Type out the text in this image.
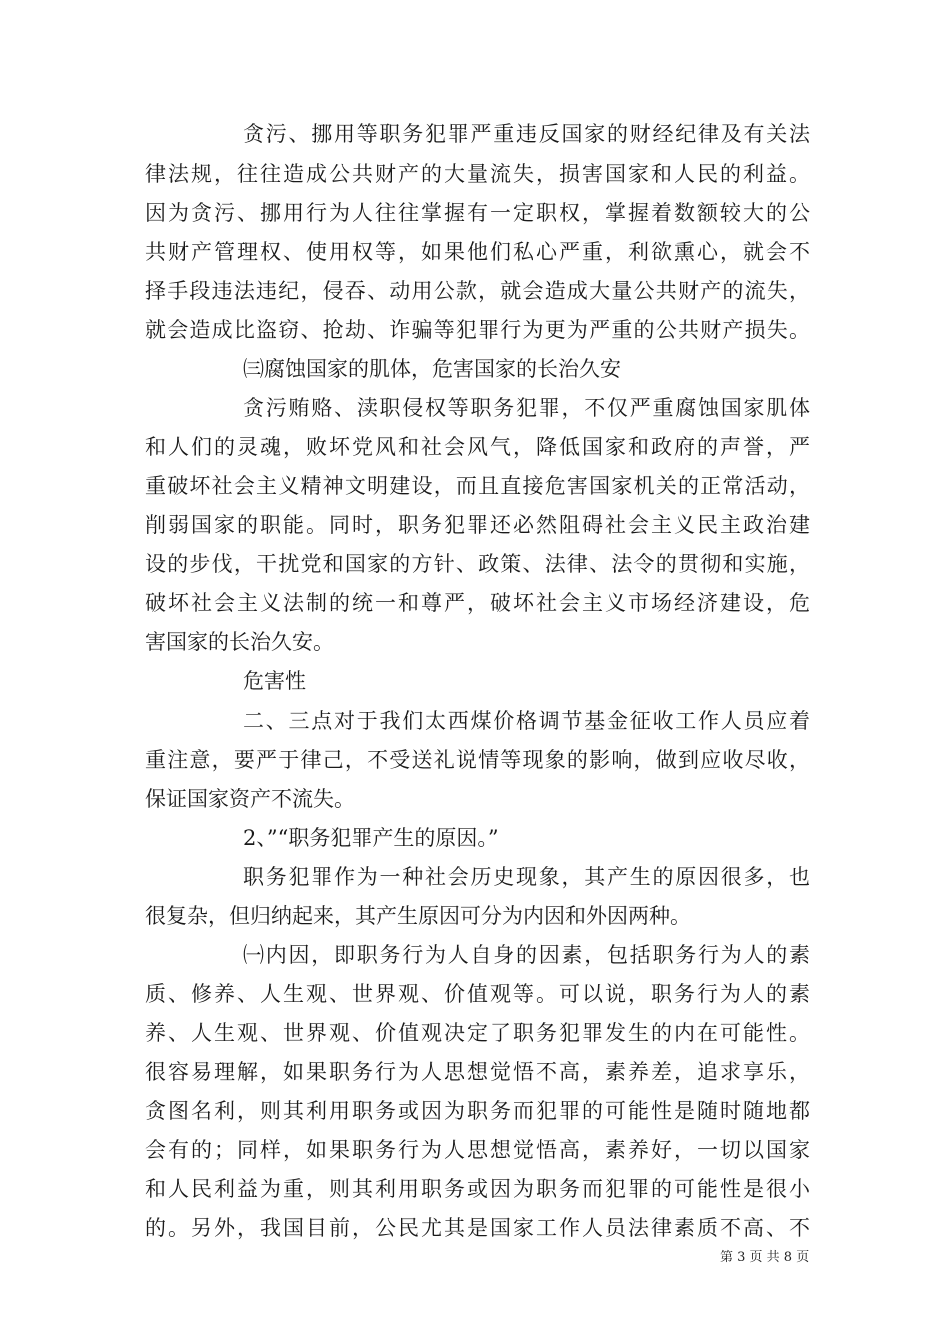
贪污、挪用等职务犯罪严重违反国家的财经纪律及有关法
律法规，往往造成公共财产的大量流失，损害国家和人民的利益。
因为贪污、挪用行为人往往掌握有一定职权，掌握着数额较大的公
共财产管理权、使用权等，如果他们私心严重，利欲熏心，就会不
择手段违法违纪，侵吞、动用公款，就会造成大量公共财产的流失，
就会造成比盗窃、抢劫、诈骗等犯罪行为更为严重的公共财产损失。
㈢腐蚀国家的肌体，危害国家的长治久安
贪污贿赂、渎职侵权等职务犯罪，不仅严重腐蚀国家肌体
和人们的灵魂，败坏党风和社会风气，降低国家和政府的声誉，严
重破坏社会主义精神文明建设，而且直接危害国家机关的正常活动，
削弱国家的职能。同时，职务犯罪还必然阻碍社会主义民主政治建
设的步伐，干扰党和国家的方针、政策、法律、法令的贯彻和实施，
破坏社会主义法制的统一和尊严，破坏社会主义市场经济建设，危
害国家的长治久安。
危害性
二、三点对于我们太西煤价格调节基金征收工作人员应着
重注意，要严于律己，不受送礼说情等现象的影响，做到应收尽收，
保证国家资产不流失。
2、”“职务犯罪产生的原因。”
职务犯罪作为一种社会历史现象，其产生的原因很多，也
很复杂，但归纳起来，其产生原因可分为内因和外因两种。
㈠内因，即职务行为人自身的因素，包括职务行为人的素
质、修养、人生观、世界观、价值观等。可以说，职务行为人的素
养、人生观、世界观、价值观决定了职务犯罪发生的内在可能性。
很容易理解，如果职务行为人思想觉悟不高，素养差，追求享乐，
贪图名利，则其利用职务或因为职务而犯罪的可能性是随时随地都
会有的；同样，如果职务行为人思想觉悟高，素养好，一切以国家
和人民利益为重，则其利用职务或因为职务而犯罪的可能性是很小
的。另外，我国目前，公民尤其是国家工作人员法律素质不高、不
第 3 页 共 8 页
